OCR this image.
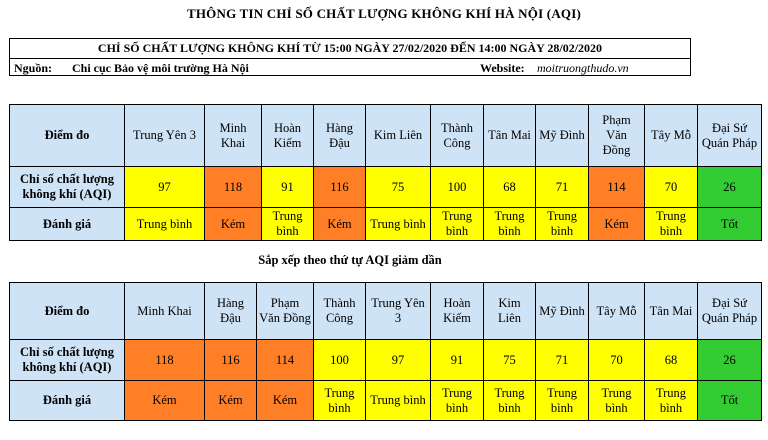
THÔNG TIN CHỈ SỐ CHẤT LƯỢNG KHÔNG KHÍ HÀ NỘI (AQI)
CHỈ SỐ CHẤT LƯỢNG KHÔNG KHÍ TỪ 15:00 NGÀY 27/02/2020 ĐẾN 14:00 NGÀY 28/02/2020
Nguồn: Chi cục Bảo vệ môi trường Hà Nội	Website: moitruongthudo.vn
Điểm đo	Trung Yên 3	Minh Khai	Hoàn Kiếm	Hàng Đậu	Kim Liên	Thành Công	Tân Mai	Mỹ Đình	Phạm Văn Đồng	Tây Mỗ	Đại Sứ Quán Pháp
Chỉ số chất lượng không khí (AQI)	97	118	91	116	75	100	68	71	114	70	26
Đánh giá	Trung bình	Kém	Trung bình	Kém	Trung bình	Trung bình	Trung bình	Trung bình	Kém	Trung bình	Tốt
Sắp xếp theo thứ tự AQI giảm dần
Điểm đo	Minh Khai	Hàng Đậu	Phạm Văn Đồng	Thành Công	Trung Yên 3	Hoàn Kiếm	Kim Liên	Mỹ Đình	Tây Mỗ	Tân Mai	Đại Sứ Quán Pháp
Chỉ số chất lượng không khí (AQI)	118	116	114	100	97	91	75	71	70	68	26
Đánh giá	Kém	Kém	Kém	Trung bình	Trung bình	Trung bình	Trung bình	Trung bình	Trung bình	Trung bình	Tốt
